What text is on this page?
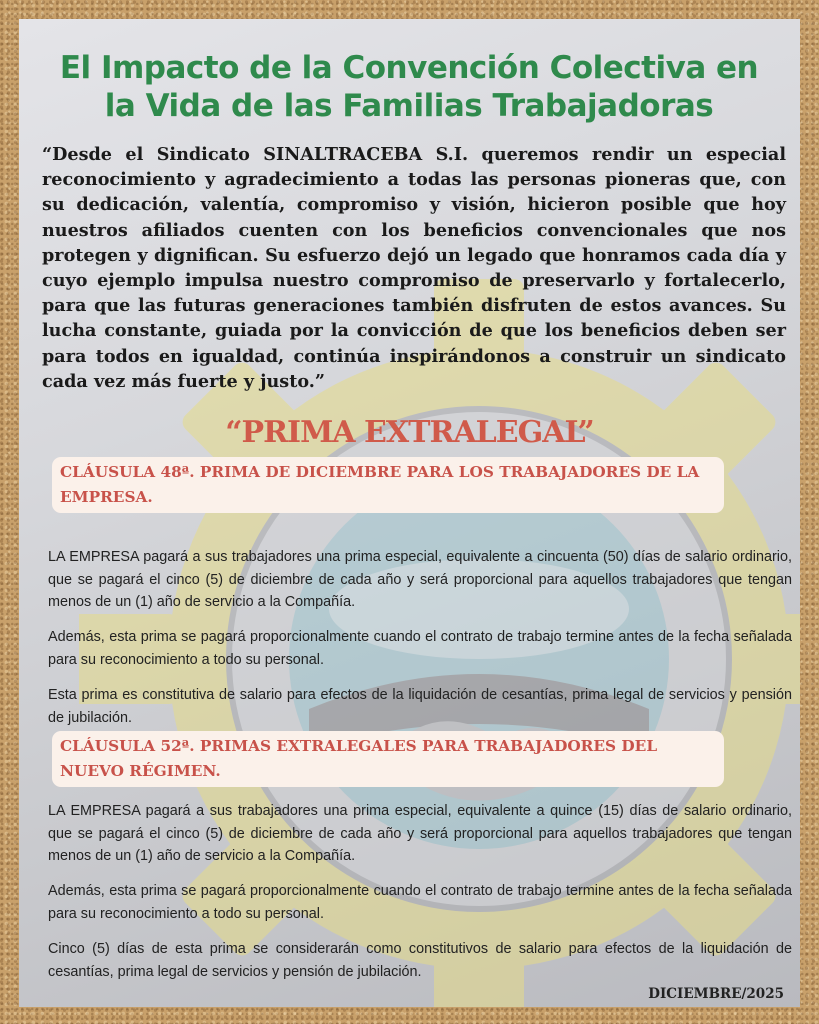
El Impacto de la Convención Colectiva en la Vida de las Familias Trabajadoras

“Desde el Sindicato SINALTRACEBA S.I. queremos rendir un especial reconocimiento y agradecimiento a todas las personas pioneras que, con su dedicación, valentía, compromiso y visión, hicieron posible que hoy nuestros afiliados cuenten con los beneficios convencionales que nos protegen y dignifican. Su esfuerzo dejó un legado que honramos cada día y cuyo ejemplo impulsa nuestro compromiso de preservarlo y fortalecerlo, para que las futuras generaciones también disfruten de estos avances. Su lucha constante, guiada por la convicción de que los beneficios deben ser para todos en igualdad, continúa inspirándonos a construir un sindicato cada vez más fuerte y justo.”

“PRIMA EXTRALEGAL”
CLÁUSULA 48ª. PRIMA DE DICIEMBRE PARA LOS TRABAJADORES DE LA EMPRESA.

LA EMPRESA pagará a sus trabajadores una prima especial, equivalente a cincuenta (50) días de salario ordinario, que se pagará el cinco (5) de diciembre de cada año y será proporcional para aquellos trabajadores que tengan menos de un (1) año de servicio a la Compañía.

Además, esta prima se pagará proporcionalmente cuando el contrato de trabajo termine antes de la fecha señalada para su reconocimiento a todo su personal.

Esta prima es constitutiva de salario para efectos de la liquidación de cesantías, prima legal de servicios y pensión de jubilación.

CLÁUSULA 52ª. PRIMAS EXTRALEGALES PARA TRABAJADORES DEL NUEVO RÉGIMEN.

LA EMPRESA pagará a sus trabajadores una prima especial, equivalente a quince (15) días de salario ordinario, que se pagará el cinco (5) de diciembre de cada año y será proporcional para aquellos trabajadores que tengan menos de un (1) año de servicio a la Compañía.

Además, esta prima se pagará proporcionalmente cuando el contrato de trabajo termine antes de la fecha señalada para su reconocimiento a todo su personal.

Cinco (5) días de esta prima se considerarán como constitutivos de salario para efectos de la liquidación de cesantías, prima legal de servicios y pensión de jubilación.

DICIEMBRE/2025
